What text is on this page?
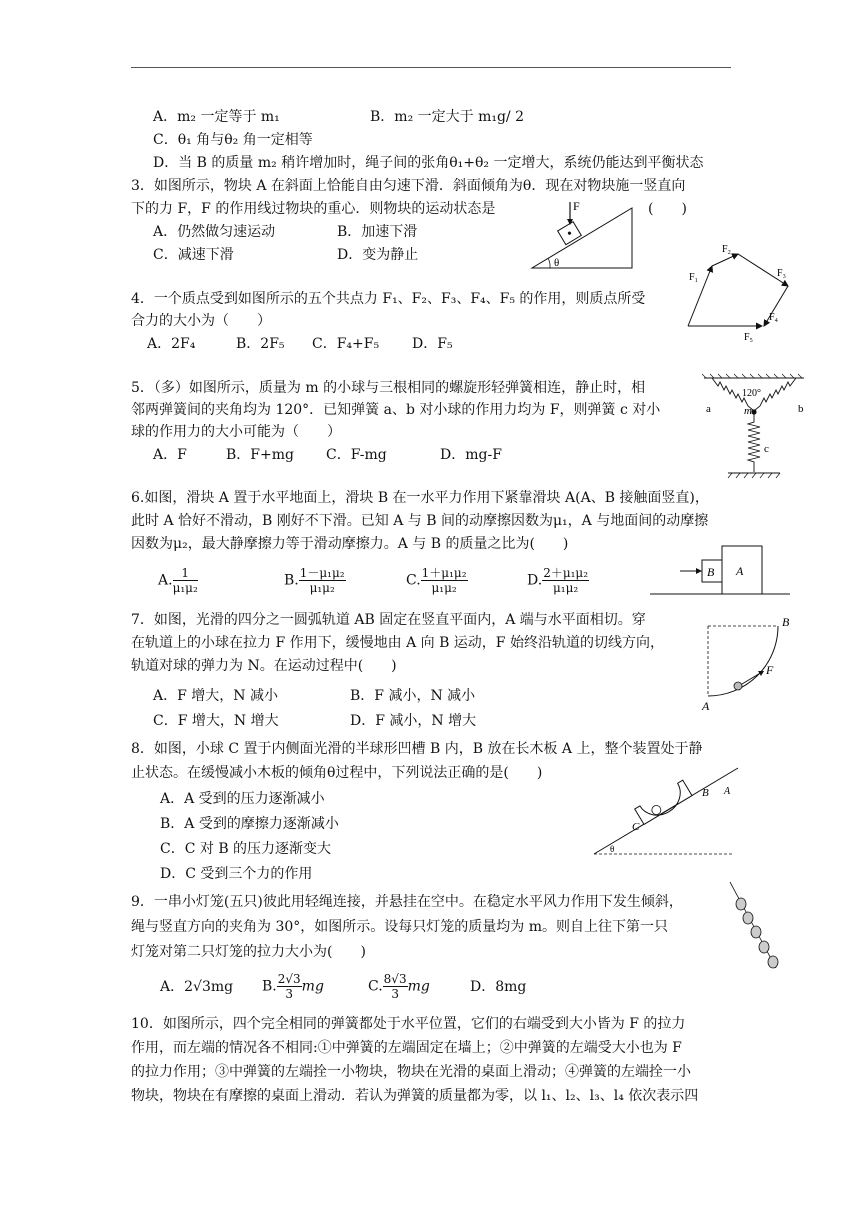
A．m₂ 一定等于 m₁	B．m₂ 一定大于 m₁g/ 2
C．θ₁ 角与θ₂ 角一定相等
D．当 B 的质量 m₂ 稍许增加时，绳子间的张角θ₁+θ₂ 一定增大，系统仍能达到平衡状态
3．如图所示，物块 A 在斜面上恰能自由匀速下滑．斜面倾角为θ．现在对物块施一竖直向
下的力 F，F 的作用线过物块的重心．则物块的运动状态是	(　　)
A．仍然做匀速运动	B．加速下滑
C．减速下滑	D．变为静止
F
θ
4．一个质点受到如图所示的五个共点力 F₁、F₂、F₃、F₄、F₅ 的作用，则质点所受
合力的大小为（　　）
A．2F₄	B．2F₅ C．F₄+F₅ D．F₅
F₁
F₂
F₃
F₄
F₅
5．（多）如图所示，质量为 m 的小球与三根相同的螺旋形轻弹簧相连，静止时，相
邻两弹簧间的夹角均为 120°．已知弹簧 a、b 对小球的作用力均为 F，则弹簧 c 对小
球的作用力的大小可能为（　　）
A．F	B．F+mg C．F-mg	D．mg-F
120°
a	b
m
c
6.如图，滑块 A 置于水平地面上，滑块 B 在一水平力作用下紧靠滑块 A(A、B 接触面竖直)，
此时 A 恰好不滑动，B 刚好不下滑。已知 A 与 B 间的动摩擦因数为μ₁，A 与地面间的动摩擦
因数为μ₂，最大静摩擦力等于滑动摩擦力。A 与 B 的质量之比为(　　)
A. $\frac{1}{\text{μ₁μ₂}}$	B. $\frac{\text{1－μ₁μ₂}}{\text{μ₁μ₂}}$	C. $\frac{\text{1＋μ₁μ₂}}{\text{μ₁μ₂}}$	D. $\frac{\text{2＋μ₁μ₂}}{\text{μ₁μ₂}}$	B A
7．如图，光滑的四分之一圆弧轨道 AB 固定在竖直平面内，A 端与水平面相切。穿
在轨道上的小球在拉力 F 作用下，缓慢地由 A 向 B 运动，F 始终沿轨道的切线方向，
轨道对球的弹力为 N。在运动过程中(　　)
A．F 增大，N 减小	B．F 减小，N 减小
C．F 增大，N 增大	D．F 减小，N 增大
B
F
A
8．如图，小球 C 置于内侧面光滑的半球形凹槽 B 内，B 放在长木板 A 上，整个装置处于静
止状态。在缓慢减小木板的倾角θ过程中，下列说法正确的是(　　)
A．A 受到的压力逐渐减小
B．A 受到的摩擦力逐渐减小
C．C 对 B 的压力逐渐变大
D．C 受到三个力的作用
B
C
A
θ
9．一串小灯笼(五只)彼此用轻绳连接，并悬挂在空中。在稳定水平风力作用下发生倾斜，
绳与竖直方向的夹角为 30°，如图所示。设每只灯笼的质量均为 m。则自上往下第一只
灯笼对第二只灯笼的拉力大小为(　　)
A．2√3mg B. $\frac{2√3}{3}$ mg	C. $\frac{8√3}{3}$ mg	D．8mg
10．如图所示，四个完全相同的弹簧都处于水平位置，它们的右端受到大小皆为 F 的拉力
作用，而左端的情况各不相同:①中弹簧的左端固定在墙上；②中弹簧的左端受大小也为 F
的拉力作用；③中弹簧的左端拴一小物块，物块在光滑的桌面上滑动；④弹簧的左端拴一小
物块，物块在有摩擦的桌面上滑动．若认为弹簧的质量都为零，以 l₁、l₂、l₃、l₄ 依次表示四
